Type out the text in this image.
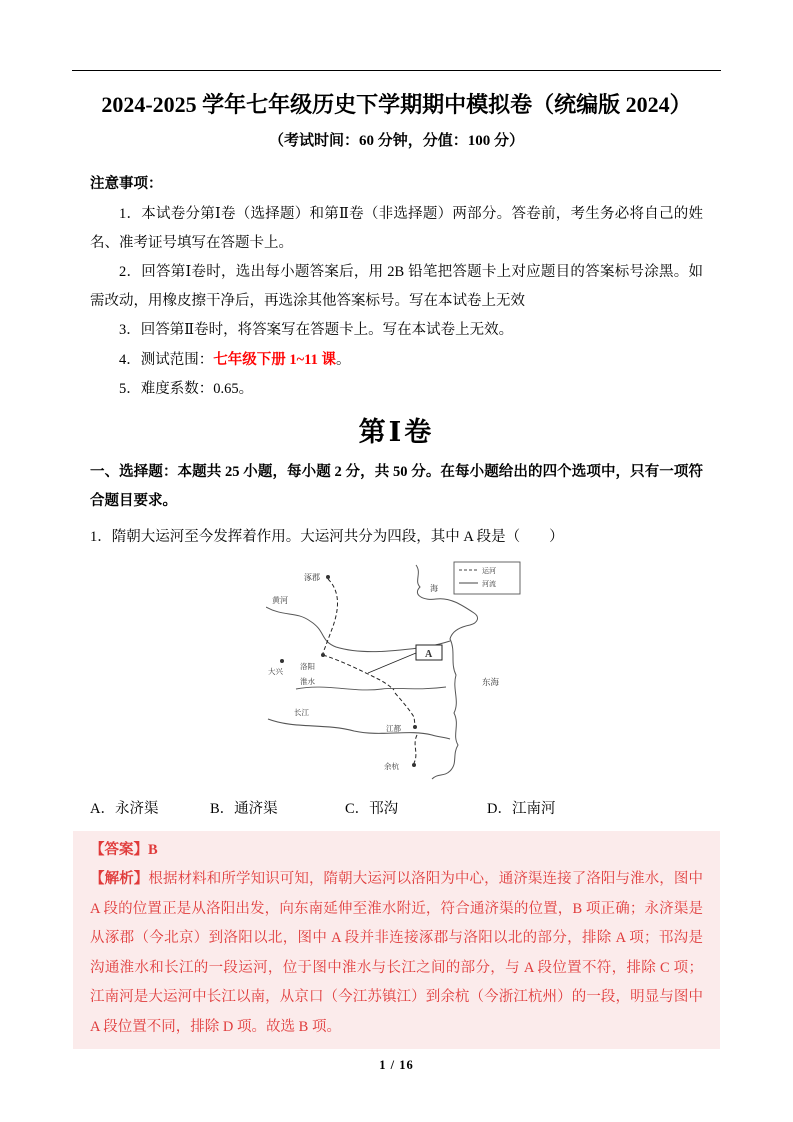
2024-2025 学年七年级历史下学期期中模拟卷（统编版 2024）
（考试时间：60 分钟，分值：100 分）

注意事项：

1．本试卷分第Ⅰ卷（选择题）和第Ⅱ卷（非选择题）两部分。答卷前，考生务必将自己的姓名、准考证号填写在答题卡上。

2．回答第Ⅰ卷时，选出每小题答案后，用 2B 铅笔把答题卡上对应题目的答案标号涂黑。如需改动，用橡皮擦干净后，再选涂其他答案标号。写在本试卷上无效

3．回答第Ⅱ卷时，将答案写在答题卡上。写在本试卷上无效。

4．测试范围：七年级下册 1~11 课。

5．难度系数：0.65。

第Ⅰ卷

一、选择题：本题共 25 小题，每小题 2 分，共 50 分。在每小题给出的四个选项中，只有一项符合题目要求。

1．隋朝大运河至今发挥着作用。大运河共分为四段，其中 A 段是（　　）

运河
河流
A
涿郡
海
黄河
东海
大兴
洛阳
淮水
长江
江都
余杭
A．永济渠	B．通济渠	C．邗沟	D．江南河

【答案】B

【解析】根据材料和所学知识可知，隋朝大运河以洛阳为中心，通济渠连接了洛阳与淮水，图中 A 段的位置正是从洛阳出发，向东南延伸至淮水附近，符合通济渠的位置，B 项正确；永济渠是从涿郡（今北京）到洛阳以北，图中 A 段并非连接涿郡与洛阳以北的部分，排除 A 项；邗沟是沟通淮水和长江的一段运河，位于图中淮水与长江之间的部分，与 A 段位置不符，排除 C 项；江南河是大运河中长江以南，从京口（今江苏镇江）到余杭（今浙江杭州）的一段，明显与图中 A 段位置不同，排除 D 项。故选 B 项。

1 / 16
